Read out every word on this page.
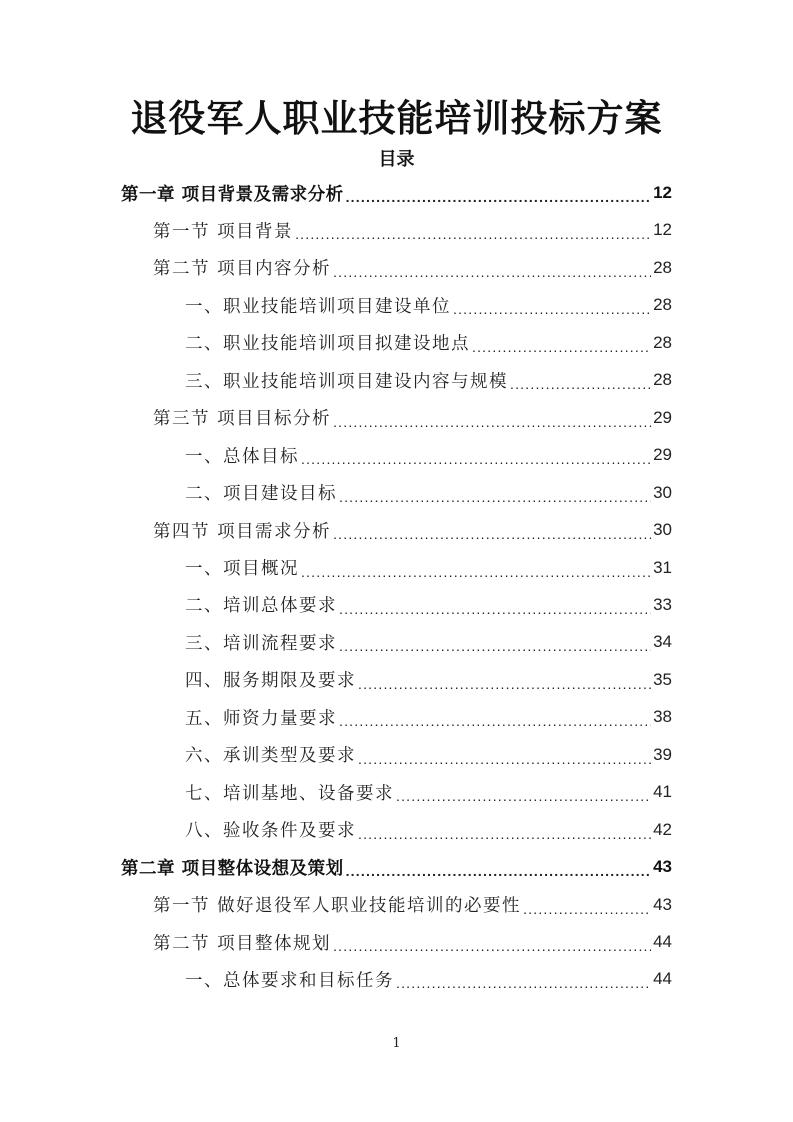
退役军人职业技能培训投标方案
目录
第一章 项目背景及需求分析 .....	12
第一节 项目背景 .....	12
第二节 项目内容分析 .....	28
一、职业技能培训项目建设单位 .....	28
二、职业技能培训项目拟建设地点 .....	28
三、职业技能培训项目建设内容与规模 .....	28
第三节 项目目标分析 .....	29
一、总体目标 .....	29
二、项目建设目标 .....	30
第四节 项目需求分析 .....	30
一、项目概况 .....	31
二、培训总体要求 .....	33
三、培训流程要求 .....	34
四、服务期限及要求 .....	35
五、师资力量要求 .....	38
六、承训类型及要求 .....	39
七、培训基地、设备要求 .....	41
八、验收条件及要求 .....	42
第二章 项目整体设想及策划 .....	43
第一节 做好退役军人职业技能培训的必要性 .....	43
第二节 项目整体规划 .....	44
一、总体要求和目标任务 .....	44
1
